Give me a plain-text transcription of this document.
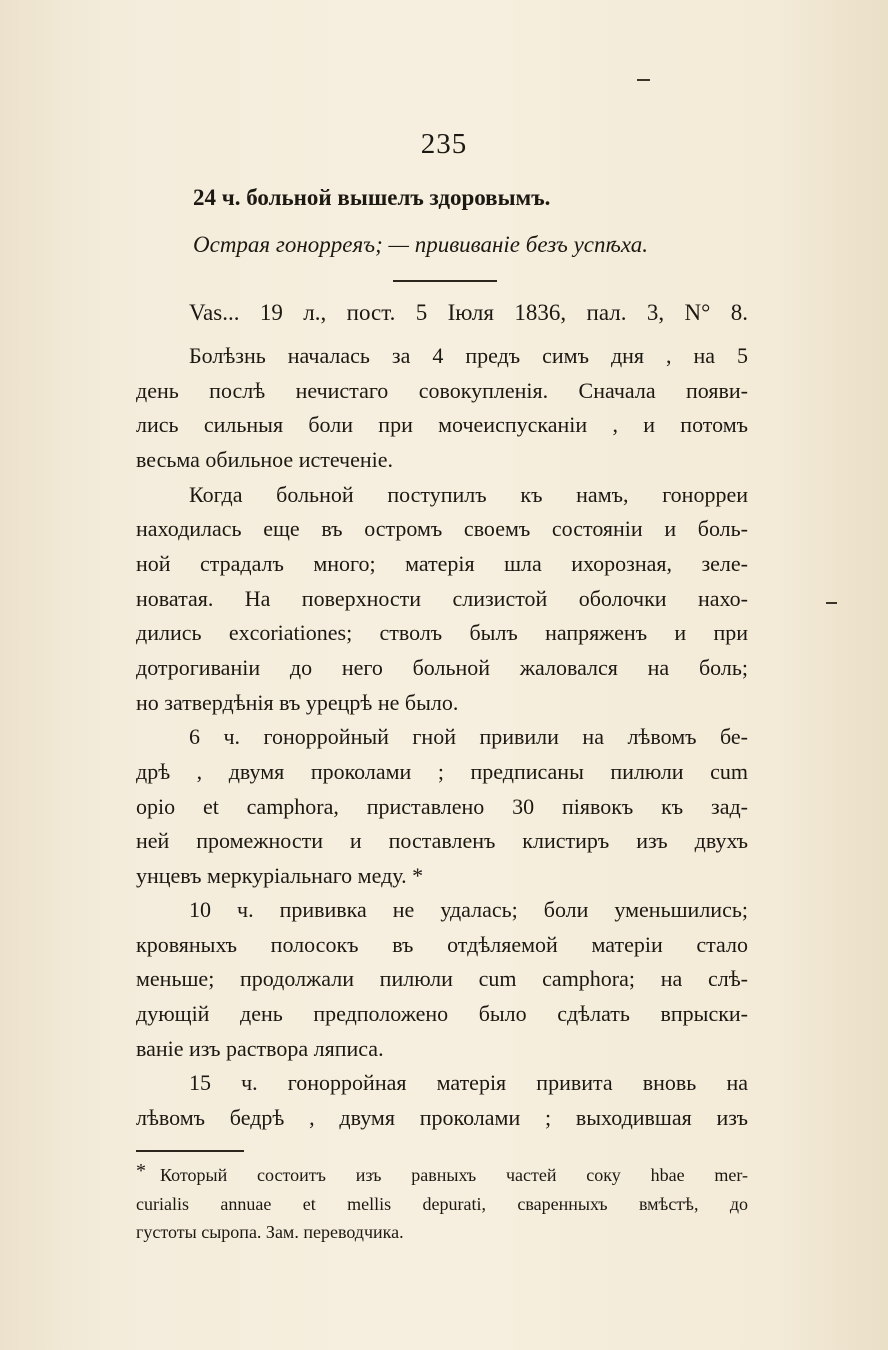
235
24 ч. больной вышелъ здоровымъ.
Острая гонорреяъ; — прививаніе безъ успѣха.
Vas... 19 л., пост. 5 Іюля 1836, пал. 3, N° 8.
Болѣзнь началась за 4 предъ симъ дня , на 5
день послѣ нечистаго совокупленія. Сначала появи-
лись сильныя боли при мочеиспусканіи , и потомъ
весьма обильное истеченіе.
Когда больной поступилъ къ намъ, гонорреи
находилась еще въ остромъ своемъ состояніи и боль-
ной страдалъ много; матерія шла ихорозная, зеле-
новатая. На поверхности слизистой оболочки нахо-
дились excoriationes; стволъ былъ напряженъ и при
дотрогиваніи до него больной жаловался на боль;
но затвердѣнія въ урецрѣ не было.
6 ч. гонорройный гной привили на лѣвомъ бе-
дрѣ , двумя проколами ; предписаны пилюли cum
opio et camphora, приставлено 30 піявокъ къ зад-
ней промежности и поставленъ клистиръ изъ двухъ
унцевъ меркуріальнаго меду. *
10 ч. прививка не удалась; боли уменьшились;
кровяныхъ полосокъ въ отдѣляемой матеріи стало
меньше; продолжали пилюли cum camphora; на слѣ-
дующій день предположено было сдѣлать впрыски-
ваніе изъ раствора ляписа.
15 ч. гонорройная матерія привита вновь на
лѣвомъ бедрѣ , двумя проколами ; выходившая изъ
* Который состоитъ изъ равныхъ частей соку hbae mer-
curialis annuae et mellis depurati, сваренныхъ вмѣстѣ, до
густоты сыропа. Зам. переводчика.
